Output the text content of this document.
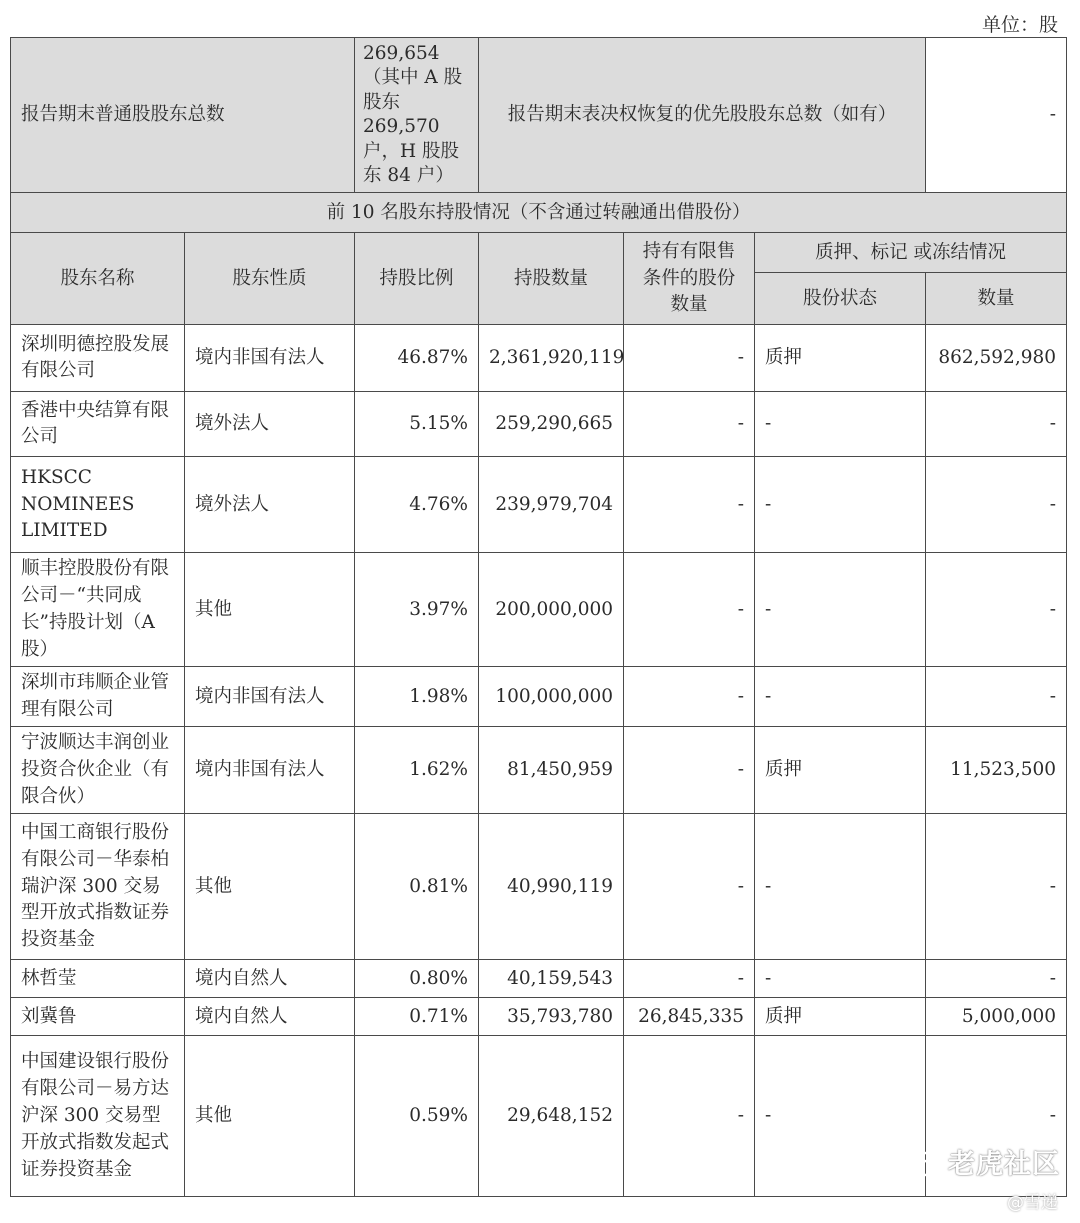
单位：股
报告期末普通股股东总数		269,654（其中 A 股股东 269,570 户，H 股股东 84 户）	报告期末表决权恢复的优先股股东总数（如有）			-
前 10 名股东持股情况（不含通过转融通出借股份）						
股东名称	股东性质	持股比例	持股数量	持有有限售条件的股份数量	质押、标记 或冻结情况	
					股份状态	数量
深圳明德控股发展有限公司	境内非国有法人	46.87%	2,361,920,119	-	质押	862,592,980
香港中央结算有限公司	境外法人	5.15%	259,290,665	-	-	-
HKSCC NOMINEES LIMITED	境外法人	4.76%	239,979,704	-	-	-
顺丰控股股份有限公司－“共同成长”持股计划（A 股）	其他	3.97%	200,000,000	-	-	-
深圳市玮顺企业管理有限公司	境内非国有法人	1.98%	100,000,000	-	-	-
宁波顺达丰润创业投资合伙企业（有限合伙）	境内非国有法人	1.62%	81,450,959	-	质押	11,523,500
中国工商银行股份有限公司－华泰柏瑞沪深 300 交易型开放式指数证券投资基金	其他	0.81%	40,990,119	-	-	-
林哲莹	境内自然人	0.80%	40,159,543	-	-	-
刘冀鲁	境内自然人	0.71%	35,793,780	26,845,335	质押	5,000,000
中国建设银行股份有限公司－易方达沪深 300 交易型开放式指数发起式证券投资基金	其他	0.59%	29,648,152	-	-	-
老虎社区
@雪递
